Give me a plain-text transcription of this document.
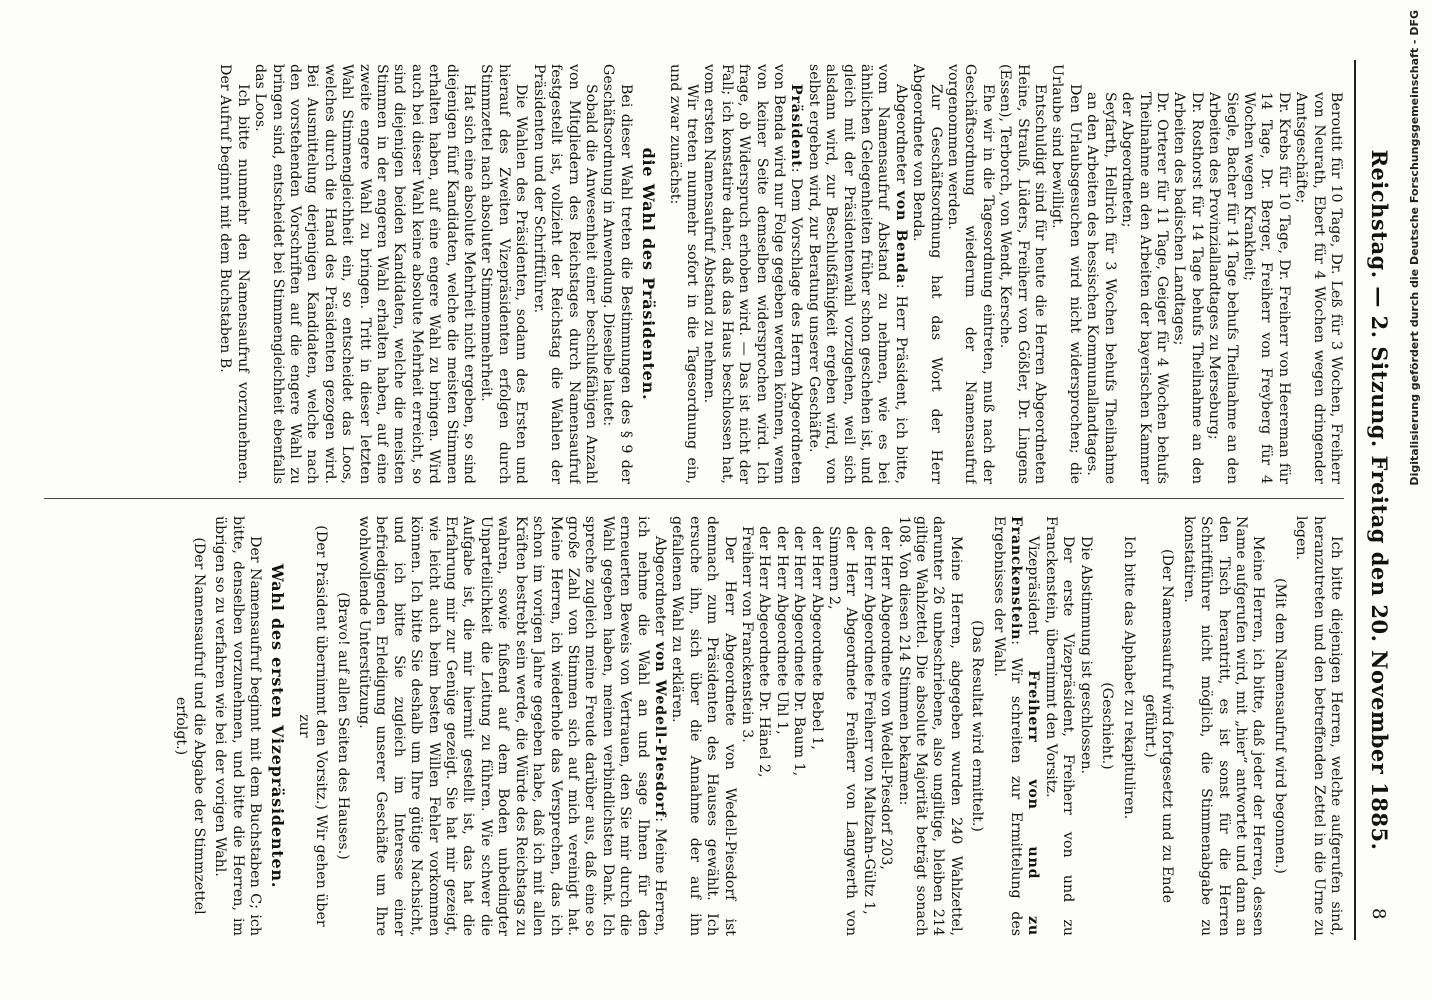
8
Reichstag. — 2. Sitzung. Freitag den 20. November 1885.

Beroutit für 10 Tage, Dr. Leß für 3 Wochen, Freiherr von Neurath, Ebert für 4 Wochen wegen dringender Amtsgeschäfte;

Dr. Krebs für 10 Tage, Dr. Freiherr von Heereman für 14 Tage, Dr. Berger, Freiherr von Freyberg für 4 Wochen wegen Krankheit;

Siegle, Bacher für 14 Tage behufs Theilnahme an den Arbeiten des Provinziallandtages zu Merseburg;

Dr. Rosthorst für 14 Tage behufs Theilnahme an den Arbeiten des badischen Landtages;

Dr. Orterer für 11 Tage, Geiger für 4 Wochen behufs Theilnahme an den Arbeiten der bayerischen Kammer der Abgeordneten;

Seyfarth, Hellrich für 3 Wochen behufs Theilnahme an den Arbeiten des hessischen Kommunallandtages.

Den Urlaubsgesuchen wird nicht widersprochen; die Urlaube sind bewilligt.

Entschuldigt sind für heute die Herren Abgeordneten Heine, Strauß, Lüders, Freiherr von Gößler, Dr. Lingens (Essen), Terborch, von Wendt, Kersche.

Ehe wir in die Tagesordnung eintreten, muß nach der Geschäftsordnung wiederum der Namensaufruf vorgenommen werden.

Zur Geschäftsordnung hat das Wort der Herr Abgeordnete von Benda.

Abgeordneter von Benda: Herr Präsident, ich bitte, vom Namensaufruf Abstand zu nehmen, wie es bei ähnlichen Gelegenheiten früher schon geschehen ist, und gleich mit der Präsidentenwahl vorzugehen, weil sich alsdann wird, zur Beschlußfähigkeit ergeben wird, von selbst ergeben wird, zur Beratung unserer Geschäfte.

Präsident: Dem Vorschlage des Herrn Abgeordneten von Benda wird nur Folge gegeben werden können, wenn von keiner Seite demselben widersprochen wird. Ich frage, ob Widerspruch erhoben wird. — Das ist nicht der Fall; ich konstatire daher, daß das Haus beschlossen hat, vom ersten Namensaufruf Abstand zu nehmen.

Wir treten nunmehr sofort in die Tagesordnung ein, und zwar zunächst:

die Wahl des Präsidenten.

Bei dieser Wahl treten die Bestimmungen des § 9 der Geschäftsordnung in Anwendung. Dieselbe lautet:

Sobald die Anwesenheit einer beschlußfähigen Anzahl von Mitgliedern des Reichstages durch Namensaufruf festgestellt ist, vollzieht der Reichstag die Wahlen der Präsidenten und der Schriftführer.

Die Wahlen des Präsidenten, sodann des Ersten und hierauf des Zweiten Vizepräsidenten erfolgen durch Stimmzettel nach absoluter Stimmenmehrheit.

Hat sich eine absolute Mehrheit nicht ergeben, so sind diejenigen fünf Kandidaten, welche die meisten Stimmen erhalten haben, auf eine engere Wahl zu bringen. Wird auch bei dieser Wahl keine absolute Mehrheit erreicht, so sind diejenigen beiden Kandidaten, welche die meisten Stimmen in der engeren Wahl erhalten haben, auf eine zweite engere Wahl zu bringen. Tritt in dieser letzten Wahl Stimmengleichheit ein, so entscheidet das Loos, welches durch die Hand des Präsidenten gezogen wird. Bei Ausmittelung derjenigen Kandidaten, welche nach den vorstehenden Vorschriften auf die engere Wahl zu bringen sind, entscheidet bei Stimmengleichheit ebenfalls das Loos.

Ich bitte nunmehr den Namensaufruf vorzunehmen. Der Aufruf beginnt mit dem Buchstaben B.

Ich bitte diejenigen Herren, welche aufgerufen sind, heranzutreten und den betreffenden Zettel in die Urne zu legen.

(Mit dem Namensaufruf wird begonnen.)

Meine Herren, ich bitte, daß jeder der Herren, dessen Name aufgerufen wird, mit „hier“ antwortet und dann an den Tisch herantritt, es ist sonst für die Herren Schriftführer nicht möglich, die Stimmenabgabe zu konstatiren.

(Der Namensaufruf wird fortgesetzt und zu Ende geführt.)

Ich bitte das Alphabet zu rekapituliren.

(Geschieht.)

Die Abstimmung ist geschlossen.

Der erste Vizepräsident, Freiherr von und zu Franckenstein, übernimmt den Vorsitz.

Vizepräsident Freiherr von und zu Franckenstein: Wir schreiten zur Ermittelung des Ergebnisses der Wahl.

(Das Resultat wird ermittelt.)

Meine Herren, abgegeben wurden 240 Wahlzettel, darunter 26 unbeschriebene, also ungiltige, bleiben 214 giltige Wahlzettel. Die absolute Majorität beträgt sonach 108. Von diesen 214 Stimmen bekamen:

der Herr Abgeordnete von Wedell-Piesdorf 203,

der Herr Abgeordnete Freiherr von Maltzahn-Gültz 1,

der Herr Abgeordnete Freiherr von Langwerth von Simmern 2,

der Herr Abgeordnete Bebel 1,

der Herr Abgeordnete Dr. Baum 1,

der Herr Abgeordnete Uhl 1,

der Herr Abgeordnete Dr. Hänel 2,

Freiherr von Franckenstein 3.

Der Herr Abgeordnete von Wedell-Piesdorf ist demnach zum Präsidenten des Hauses gewählt. Ich ersuche ihn, sich über die Annahme der auf ihn gefallenen Wahl zu erklären.

Abgeordneter von Wedell-Piesdorf: Meine Herren, ich nehme die Wahl an und sage Ihnen für den erneuerten Beweis von Vertrauen, den Sie mir durch die Wahl gegeben haben, meinen verbindlichsten Dank. Ich spreche zugleich meine Freude darüber aus, daß eine so große Zahl von Stimmen sich auf mich vereinigt hat. Meine Herren, ich wiederhole das Versprechen, das ich schon im vorigen Jahre gegeben habe, daß ich mit allen Kräften bestrebt sein werde, die Würde des Reichstags zu wahren, sowie fußend auf dem Boden unbedingter Unparteilichkeit die Leitung zu führen. Wie schwer die Aufgabe ist, die mir hiermit gestellt ist, das hat die Erfahrung mir zur Genüge gezeigt. Sie hat mir gezeigt, wie leicht auch beim besten Willen Fehler vorkommen können. Ich bitte Sie deshalb um Ihre gütige Nachsicht, und ich bitte Sie zugleich im Interesse einer befriedigenden Erledigung unserer Geschäfte um Ihre wohlwollende Unterstützung.

(Bravo! auf allen Seiten des Hauses.)

(Der Präsident übernimmt den Vorsitz.) Wir gehen über zur

Wahl des ersten Vizepräsidenten.

Der Namensaufruf beginnt mit dem Buchstaben C; ich bitte, denselben vorzunehmen, und bitte die Herren, im übrigen so zu verfahren wie bei der vorigen Wahl.

(Der Namensaufruf und die Abgabe der Stimmzettel erfolgt.)

Digitalisierung gefördert durch die Deutsche Forschungsgemeinschaft - DFG
